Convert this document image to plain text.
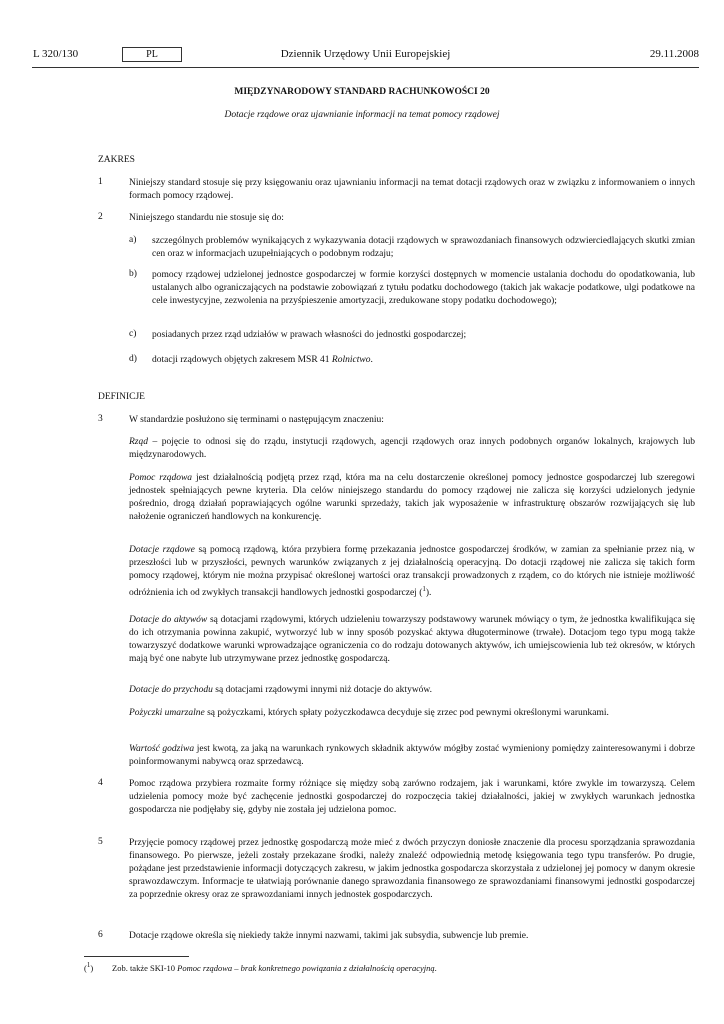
L 320/130	PL	Dziennik Urzędowy Unii Europejskiej	29.11.2008
MIĘDZYNARODOWY STANDARD RACHUNKOWOŚCI 20
Dotacje rządowe oraz ujawnianie informacji na temat pomocy rządowej
ZAKRES
1	Niniejszy standard stosuje się przy księgowaniu oraz ujawnianiu informacji na temat dotacji rządowych oraz w związku z informowaniem o innych formach pomocy rządowej.
2	Niniejszego standardu nie stosuje się do:
a) szczególnych problemów wynikających z wykazywania dotacji rządowych w sprawozdaniach finansowych odzwierciedlających skutki zmian cen oraz w informacjach uzupełniających o podobnym rodzaju;
b) pomocy rządowej udzielonej jednostce gospodarczej w formie korzyści dostępnych w momencie ustalania dochodu do opodatkowania, lub ustalanych albo ograniczających na podstawie zobowiązań z tytułu podatku dochodowego (takich jak wakacje podatkowe, ulgi podatkowe na cele inwestycyjne, zezwolenia na przyśpieszenie amortyzacji, zredukowane stopy podatku dochodowego);
c) posiadanych przez rząd udziałów w prawach własności do jednostki gospodarczej;
d) dotacji rządowych objętych zakresem MSR 41 Rolnictwo.
DEFINICJE
3	W standardzie posłużono się terminami o następującym znaczeniu:
Rząd – pojęcie to odnosi się do rządu, instytucji rządowych, agencji rządowych oraz innych podobnych organów lokalnych, krajowych lub międzynarodowych.
Pomoc rządowa jest działalnością podjętą przez rząd, która ma na celu dostarczenie określonej pomocy jednostce gospodarczej lub szeregowi jednostek spełniających pewne kryteria. Dla celów niniejszego standardu do pomocy rządowej nie zalicza się korzyści udzielonych jedynie pośrednio, drogą działań poprawiających ogólne warunki sprzedaży, takich jak wyposażenie w infrastrukturę obszarów rozwijających się lub nałożenie ograniczeń handlowych na konkurencję.
Dotacje rządowe są pomocą rządową, która przybiera formę przekazania jednostce gospodarczej środków, w zamian za spełnianie przez nią, w przeszłości lub w przyszłości, pewnych warunków związanych z jej działalnością operacyjną. Do dotacji rządowej nie zalicza się takich form pomocy rządowej, którym nie można przypisać określonej wartości oraz transakcji prowadzonych z rządem, co do których nie istnieje możliwość odróżnienia ich od zwykłych transakcji handlowych jednostki gospodarczej ($^1$).
Dotacje do aktywów są dotacjami rządowymi, których udzieleniu towarzyszy podstawowy warunek mówiący o tym, że jednostka kwalifikująca się do ich otrzymania powinna zakupić, wytworzyć lub w inny sposób pozyskać aktywa długoterminowe (trwałe). Dotacjom tego typu mogą także towarzyszyć dodatkowe warunki wprowadzające ograniczenia co do rodzaju dotowanych aktywów, ich umiejscowienia lub też okresów, w których mają być one nabyte lub utrzymywane przez jednostkę gospodarczą.
Dotacje do przychodu są dotacjami rządowymi innymi niż dotacje do aktywów.
Pożyczki umarzalne są pożyczkami, których spłaty pożyczkodawca decyduje się zrzec pod pewnymi określonymi warunkami.
Wartość godziwa jest kwotą, za jaką na warunkach rynkowych składnik aktywów mógłby zostać wymieniony pomiędzy zainteresowanymi i dobrze poinformowanymi nabywcą oraz sprzedawcą.
4	Pomoc rządowa przybiera rozmaite formy różniące się między sobą zarówno rodzajem, jak i warunkami, które zwykle im towarzyszą. Celem udzielenia pomocy może być zachęcenie jednostki gospodarczej do rozpoczęcia takiej działalności, jakiej w zwykłych warunkach jednostka gospodarcza nie podjęłaby się, gdyby nie została jej udzielona pomoc.
5	Przyjęcie pomocy rządowej przez jednostkę gospodarczą może mieć z dwóch przyczyn doniosłe znaczenie dla procesu sporządzania sprawozdania finansowego. Po pierwsze, jeżeli zostały przekazane środki, należy znaleźć odpowiednią metodę księgowania tego typu transferów. Po drugie, pożądane jest przedstawienie informacji dotyczących zakresu, w jakim jednostka gospodarcza skorzystała z udzielonej jej pomocy w danym okresie sprawozdawczym. Informacje te ułatwiają porównanie danego sprawozdania finansowego ze sprawozdaniami finansowymi jednostki gospodarczej za poprzednie okresy oraz ze sprawozdaniami innych jednostek gospodarczych.
6	Dotacje rządowe określa się niekiedy także innymi nazwami, takimi jak subsydia, subwencje lub premie.
($^1$) Zob. także SKI-10 Pomoc rządowa – brak konkretnego powiązania z działalnością operacyjną.
